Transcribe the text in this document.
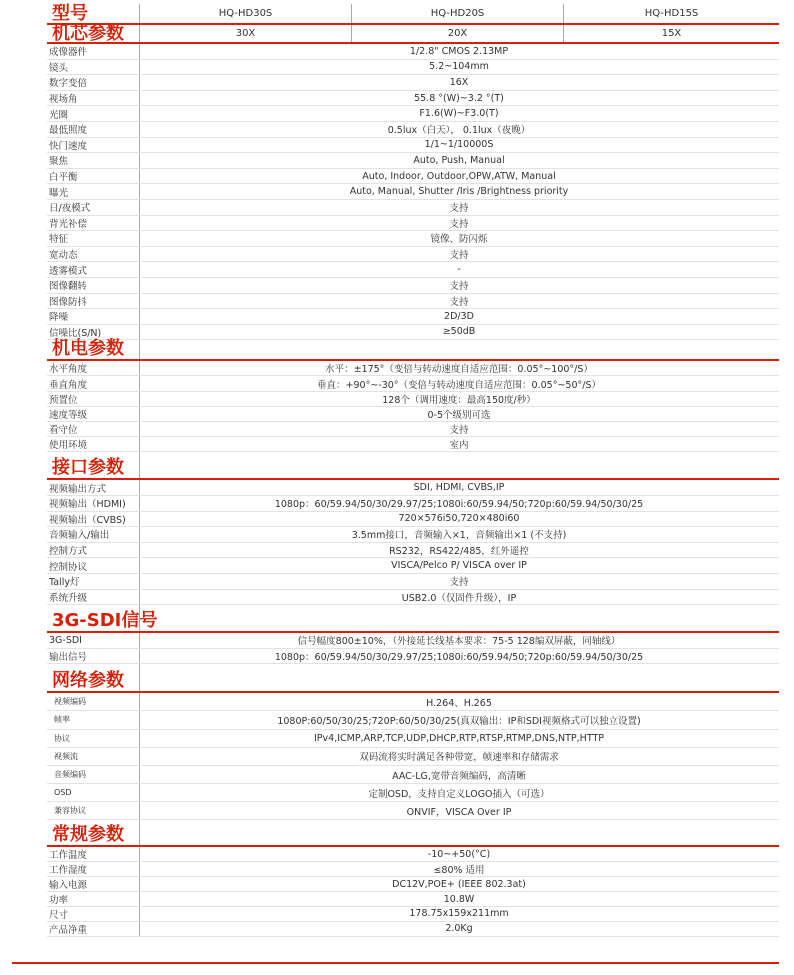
型号	HQ-HD30S	HQ-HD20S	HQ-HD15S
机芯参数	30X	20X	15X
成像器件	1/2.8" CMOS 2.13MP
镜头	5.2~104mm
数字变倍	16X
视场角	55.8 °(W)~3.2 °(T)
光圈	F1.6(W)~F3.0(T)
最低照度	0.5lux（白天）， 0.1lux（夜晚）
快门速度	1/1~1/10000S
聚焦	Auto, Push, Manual
白平衡	Auto, Indoor, Outdoor,OPW,ATW, Manual
曝光	Auto, Manual, Shutter /Iris /Brightness priority
日/夜模式	支持
背光补偿	支持
特征	镜像、防闪烁
宽动态	支持
透雾模式	-
图像翻转	支持
图像防抖	支持
降噪	2D/3D
信噪比(S/N)	≥50dB
机电参数
水平角度	水平：±175°（变倍与转动速度自适应范围：0.05°~100°/S）
垂直角度	垂直：+90°~-30°（变倍与转动速度自适应范围：0.05°~50°/S）
预置位	128个（调用速度：最高150度/秒）
速度等级	0-5个级别可选
看守位	支持
使用环境	室内
接口参数
视频输出方式	SDI, HDMI, CVBS,IP
视频输出（HDMI)	1080p：60/59.94/50/30/29.97/25;1080i:60/59.94/50;720p:60/59.94/50/30/25
视频输出（CVBS)	720×576i50,720×480i60
音频输入/输出	3.5mm接口，音频输入×1，音频输出×1 (不支持)
控制方式	RS232，RS422/485，红外遥控
控制协议	VISCA/Pelco P/ VISCA over IP
Tally灯	支持
系统升级	USB2.0（仅固件升级），IP
3G-SDI信号
3G-SDI	信号幅度800±10%，（外接延长线基本要求：75-5 128编双屏蔽，同轴线）
输出信号	1080p：60/59.94/50/30/29.97/25;1080i:60/59.94/50;720p:60/59.94/50/30/25
网络参数
视频编码	H.264、H.265
帧率	1080P:60/50/30/25;720P:60/50/30/25(真双输出：IP和SDI视频格式可以独立设置)
协议	IPv4,ICMP,ARP,TCP,UDP,DHCP,RTP,RTSP,RTMP,DNS,NTP,HTTP
视频流	双码流将实时满足各种带宽，帧速率和存储需求
音频编码	AAC-LG,宽带音频编码，高清晰
OSD	定制OSD，支持自定义LOGO插入（可选）
兼容协议	ONVIF，VISCA Over IP
常规参数
工作温度	-10~+50(°C)
工作湿度	≤80% 适用
输入电源	DC12V,POE+ (IEEE 802.3at)
功率	10.8W
尺寸	178.75x159x211mm
产品净重	2.0Kg
